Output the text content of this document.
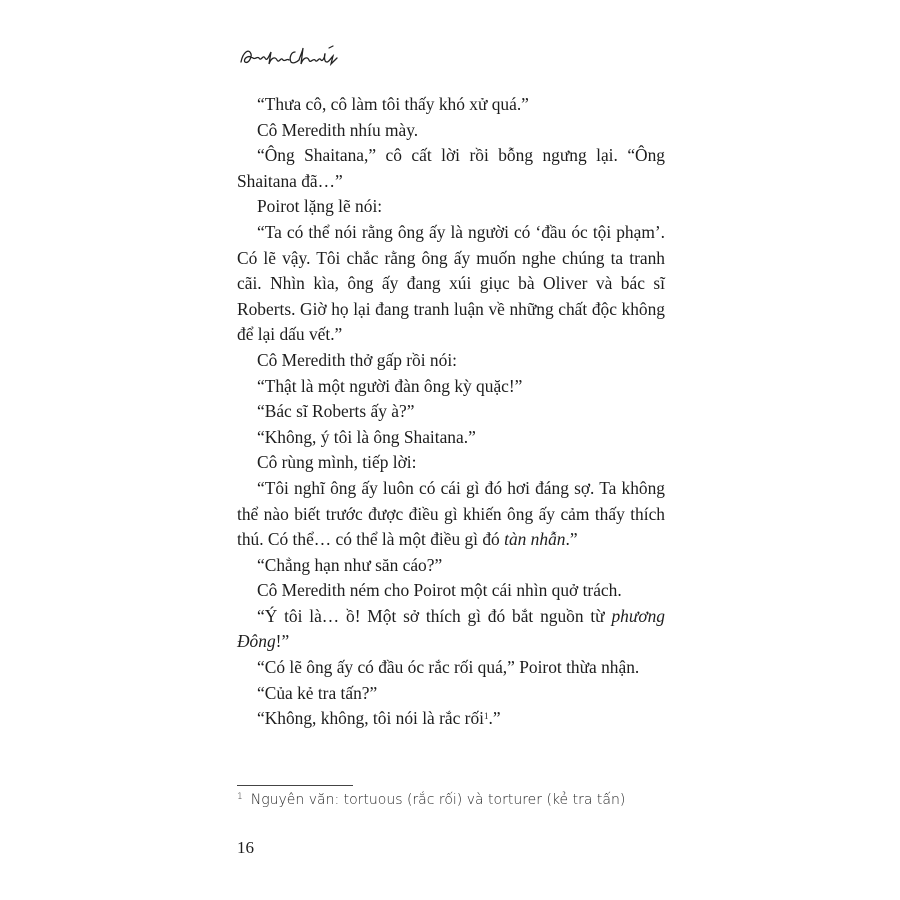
“Thưa cô, cô làm tôi thấy khó xử quá.”

Cô Meredith nhíu mày.

“Ông Shaitana,” cô cất lời rồi bỗng ngưng lại. “Ông Shaitana đã…”

Poirot lặng lẽ nói:

“Ta có thể nói rằng ông ấy là người có ‘đầu óc tội phạm’. Có lẽ vậy. Tôi chắc rằng ông ấy muốn nghe chúng ta tranh cãi. Nhìn kìa, ông ấy đang xúi giục bà Oliver và bác sĩ Roberts. Giờ họ lại đang tranh luận về những chất độc không để lại dấu vết.”

Cô Meredith thở gấp rồi nói:

“Thật là một người đàn ông kỳ quặc!”

“Bác sĩ Roberts ấy à?”

“Không, ý tôi là ông Shaitana.”

Cô rùng mình, tiếp lời:

“Tôi nghĩ ông ấy luôn có cái gì đó hơi đáng sợ. Ta không thể nào biết trước được điều gì khiến ông ấy cảm thấy thích thú. Có thể… có thể là một điều gì đó tàn nhẫn.”

“Chẳng hạn như săn cáo?”

Cô Meredith ném cho Poirot một cái nhìn quở trách.

“Ý tôi là… ồ! Một sở thích gì đó bắt nguồn từ phương Đông!”

“Có lẽ ông ấy có đầu óc rắc rối quá,” Poirot thừa nhận.

“Của kẻ tra tấn?”

“Không, không, tôi nói là rắc rối$^1$.”

$^1$ Nguyên văn: tortuous (rắc rối) và torturer (kẻ tra tấn)
16
